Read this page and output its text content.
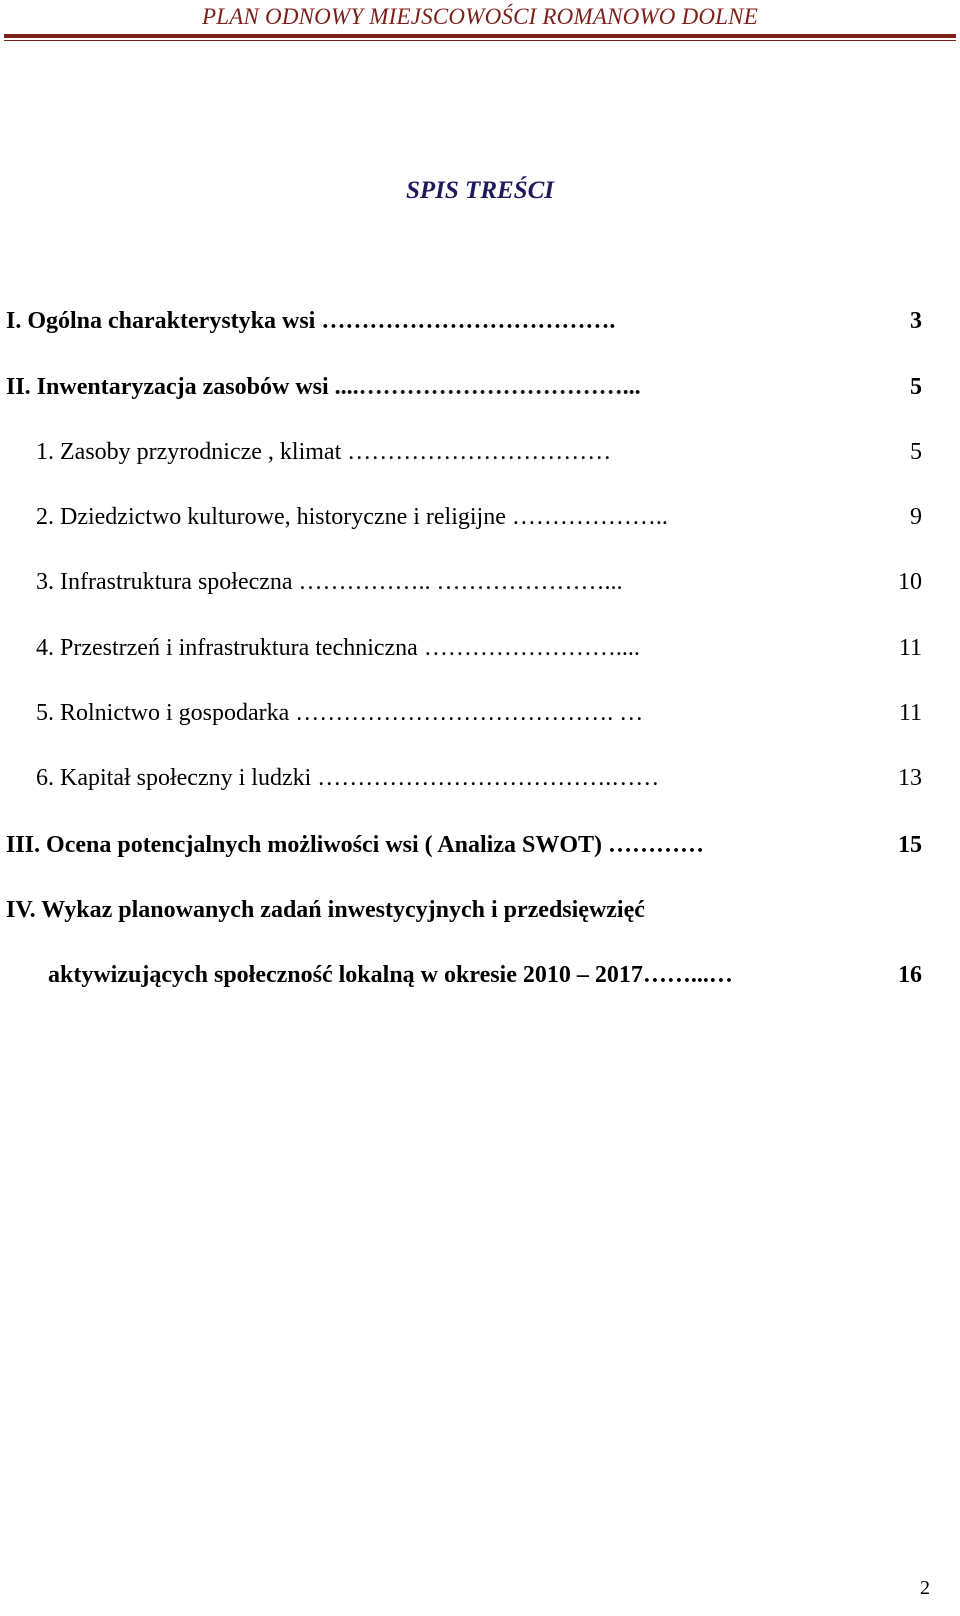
PLAN ODNOWY MIEJSCOWOŚCI ROMANOWO DOLNE
SPIS TREŚCI
I. Ogólna charakterystyka wsi ……………………………….	3
II. Inwentaryzacja zasobów wsi ....……………………………...	5
1. Zasoby przyrodnicze , klimat ……………………………	5
2. Dziedzictwo kulturowe, historyczne i religijne ………………..	9
3. Infrastruktura społeczna …………….. …………………...	10
4. Przestrzeń i infrastruktura techniczna ……………………....	11
5. Rolnictwo i gospodarka …………………………………. …	11
6. Kapitał społeczny i ludzki ……………………………….……	13
III. Ocena potencjalnych możliwości wsi ( Analiza SWOT) …………	15
IV. Wykaz planowanych zadań inwestycyjnych i przedsięwzięć
aktywizujących społeczność lokalną w okresie 2010 – 2017……...…	16
2
